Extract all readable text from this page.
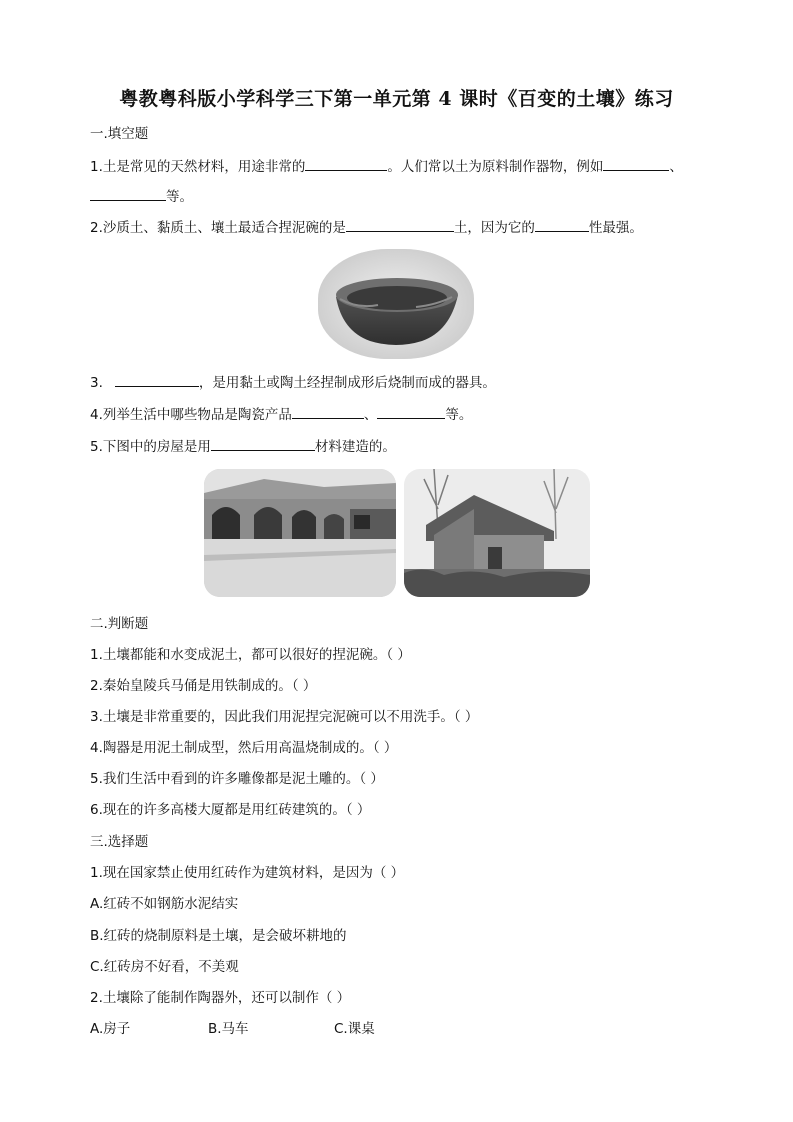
粤教粤科版小学科学三下第一单元第 4 课时《百变的土壤》练习
一.填空题
1.土是常见的天然材料，用途非常的	。人们常以土为原料制作器物，例如	、
等。
2.沙质土、黏质土、壤土最适合捏泥碗的是	土，因为它的	性最强。
3.	，是用黏土或陶土经捏制成形后烧制而成的器具。
4.列举生活中哪些物品是陶瓷产品	、	等。
5.下图中的房屋是用	材料建造的。
二.判断题
1.土壤都能和水变成泥土，都可以很好的捏泥碗。（ ）
2.秦始皇陵兵马俑是用铁制成的。（ ）
3.土壤是非常重要的，因此我们用泥捏完泥碗可以不用洗手。（ ）
4.陶器是用泥土制成型，然后用高温烧制成的。（ ）
5.我们生活中看到的许多雕像都是泥土雕的。（ ）
6.现在的许多高楼大厦都是用红砖建筑的。（ ）
三.选择题
1.现在国家禁止使用红砖作为建筑材料，是因为（ ）
A.红砖不如钢筋水泥结实
B.红砖的烧制原料是土壤，是会破坏耕地的
C.红砖房不好看，不美观
2.土壤除了能制作陶器外，还可以制作（ ）
A.房子	B.马车	C.课桌
